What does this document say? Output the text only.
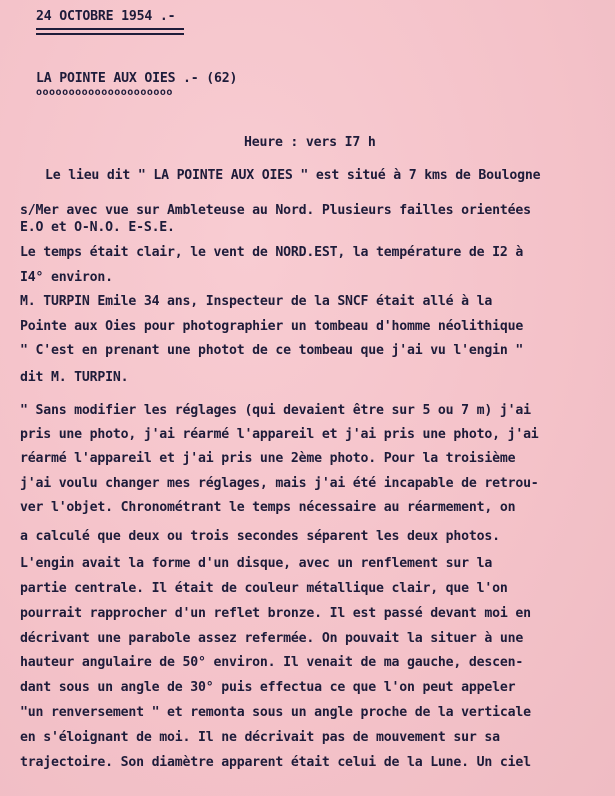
24 OCTOBRE 1954 .-
LA POINTE AUX OIES .- (62)
ooooooooooooooooooooo
Heure : vers I7 h
Le lieu dit " LA POINTE AUX OIES " est situé à 7 kms de Boulogne
s/Mer avec vue sur Ambleteuse au Nord. Plusieurs failles orientées
E.O et O-N.O. E-S.E.
Le temps était clair, le vent de NORD.EST, la température de I2 à
I4° environ.
M. TURPIN Emile 34 ans, Inspecteur de la SNCF était allé à la
Pointe aux Oies pour photographier un tombeau d'homme néolithique
" C'est en prenant une photot de ce tombeau que j'ai vu l'engin "
dit M. TURPIN.
" Sans modifier les réglages (qui devaient être sur 5 ou 7 m) j'ai
pris une photo, j'ai réarmé l'appareil et j'ai pris une photo, j'ai
réarmé l'appareil et j'ai pris une 2ème photo. Pour la troisième
j'ai voulu changer mes réglages, mais j'ai été incapable de retrou-
ver l'objet. Chronométrant le temps nécessaire au réarmement, on
a calculé que deux ou trois secondes séparent les deux photos.
L'engin avait la forme d'un disque, avec un renflement sur la
partie centrale. Il était de couleur métallique clair, que l'on
pourrait rapprocher d'un reflet bronze. Il est passé devant moi en
décrivant une parabole assez refermée. On pouvait la situer à une
hauteur angulaire de 50° environ. Il venait de ma gauche, descen-
dant sous un angle de 30° puis effectua ce que l'on peut appeler
"un renversement " et remonta sous un angle proche de la verticale
en s'éloignant de moi. Il ne décrivait pas de mouvement sur sa
trajectoire. Son diamètre apparent était celui de la Lune. Un ciel
